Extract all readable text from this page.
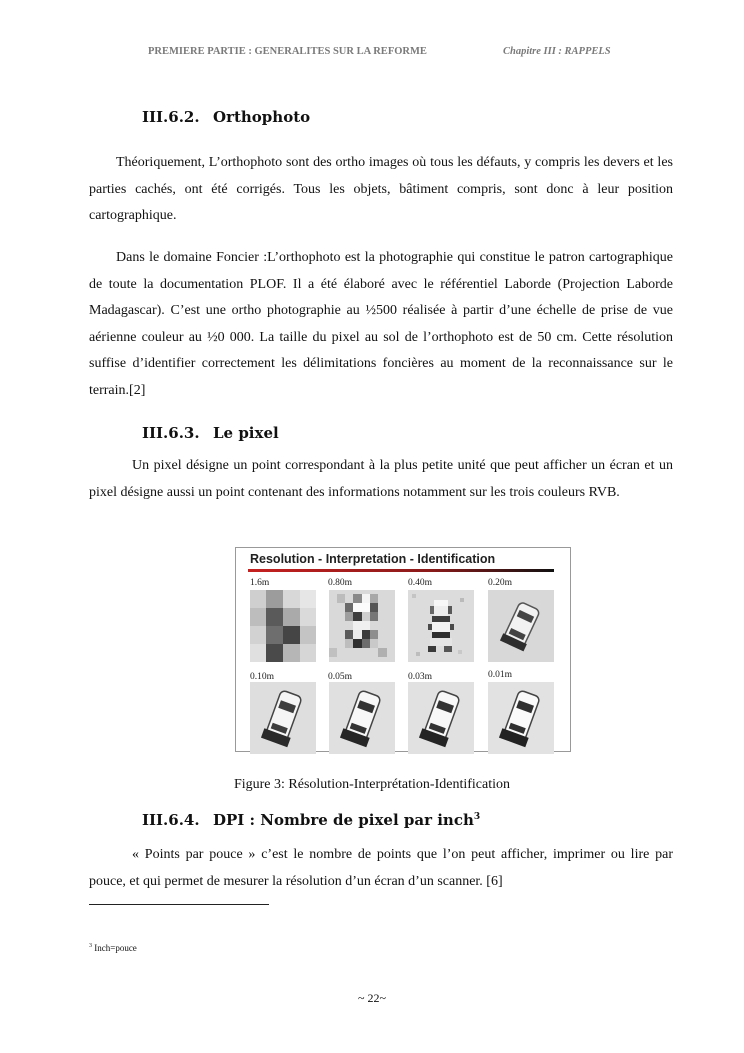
PREMIERE PARTIE : GENERALITES SUR LA REFORME	Chapitre III : RAPPELS
III.6.2. Orthophoto
Théoriquement, L’orthophoto sont des ortho images où tous les défauts, y compris les devers et les parties cachés, ont été corrigés. Tous les objets, bâtiment compris, sont donc à leur position cartographique.
Dans le domaine Foncier :L’orthophoto est la photographie qui constitue le patron cartographique de toute la documentation PLOF. Il a été élaboré avec le référentiel Laborde (Projection Laborde Madagascar). C’est une ortho photographie au ½500 réalisée à partir d’une échelle de prise de vue aérienne couleur au ½0 000. La taille du pixel au sol de l’orthophoto est de 50 cm. Cette résolution suffise d’identifier correctement les délimitations foncières au moment de la reconnaissance sur le terrain.[2]
III.6.3. Le pixel
Un pixel désigne un point correspondant à la plus petite unité que peut afficher un écran et un pixel désigne aussi un point contenant des informations notamment sur les trois couleurs RVB.
Resolution - Interpretation - Identification
1.6m	0.80m	0.40m	0.20m
0.10m	0.05m	0.03m	0.01m
Figure 3: Résolution-Interprétation-Identification
III.6.4. DPI : Nombre de pixel par inch$^3$
« Points par pouce » c’est le nombre de points que l’on peut afficher, imprimer ou lire par pouce, et qui permet de mesurer la résolution d’un écran d’un scanner. [6]
$^3$ Inch=pouce
~ 22~
